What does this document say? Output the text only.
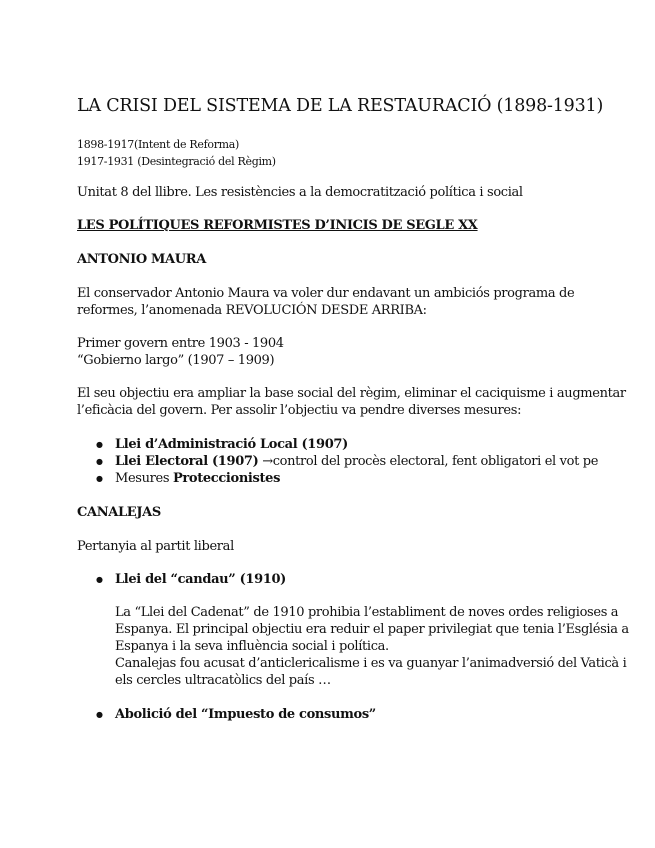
LA CRISI DEL SISTEMA DE LA RESTAURACIÓ (1898-1931)
1898-1917(Intent de Reforma)
1917-1931 (Desintegració del Règim)
Unitat 8 del llibre. Les resistències a la democratització política i social
LES POLÍTIQUES REFORMISTES D’INICIS DE SEGLE XX
ANTONIO MAURA
El conservador Antonio Maura va voler dur endavant un ambiciós programa de
reformes, l’anomenada REVOLUCIÓN DESDE ARRIBA:
Primer govern entre 1903 - 1904
“Gobierno largo” (1907 – 1909)
El seu objectiu era ampliar la base social del règim, eliminar el caciquisme i augmentar
l’eficàcia del govern. Per assolir l’objectiu va pendre diverses mesures:
● Llei d’Administració Local (1907)
● Llei Electoral (1907) →control del procès electoral, fent obligatori el vot pe
● Mesures Proteccionistes
CANALEJAS
Pertanyia al partit liberal
● Llei del “candau” (1910)
La “Llei del Cadenat” de 1910 prohibia l’establiment de noves ordes religioses a
Espanya. El principal objectiu era reduir el paper privilegiat que tenia l’Església a
Espanya i la seva influència social i política.
Canalejas fou acusat d’anticlericalisme i es va guanyar l’animadversió del Vaticà i
els cercles ultracatòlics del país …
● Abolició del “Impuesto de consumos”
